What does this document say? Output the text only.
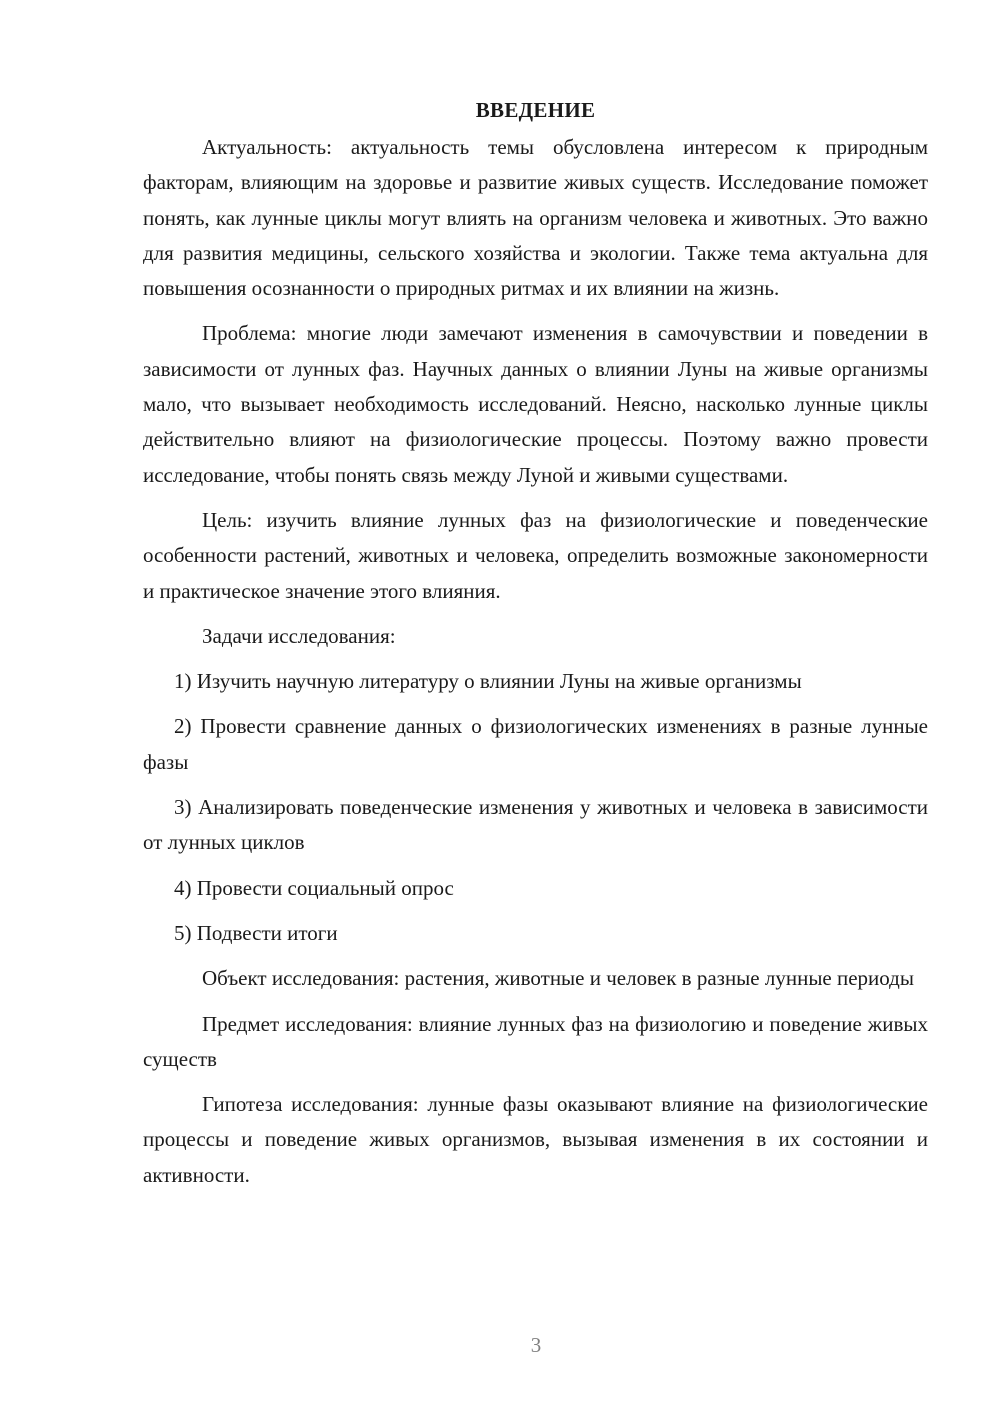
ВВЕДЕНИЕ

Актуальность: актуальность темы обусловлена интересом к природным факторам, влияющим на здоровье и развитие живых существ. Исследование поможет понять, как лунные циклы могут влиять на организм человека и животных. Это важно для развития медицины, сельского хозяйства и экологии. Также тема актуальна для повышения осознанности о природных ритмах и их влиянии на жизнь.

Проблема: многие люди замечают изменения в самочувствии и поведении в зависимости от лунных фаз. Научных данных о влиянии Луны на живые организмы мало, что вызывает необходимость исследований. Неясно, насколько лунные циклы действительно влияют на физиологические процессы. Поэтому важно провести исследование, чтобы понять связь между Луной и живыми существами.

Цель: изучить влияние лунных фаз на физиологические и поведенческие особенности растений, животных и человека, определить возможные закономерности и практическое значение этого влияния.

Задачи исследования:

1) Изучить научную литературу о влиянии Луны на живые организмы

2) Провести сравнение данных о физиологических изменениях в разные лунные фазы

3) Анализировать поведенческие изменения у животных и человека в зависимости от лунных циклов

4) Провести социальный опрос

5) Подвести итоги

Объект исследования: растения, животные и человек в разные лунные периоды

Предмет исследования: влияние лунных фаз на физиологию и поведение живых существ

Гипотеза исследования: лунные фазы оказывают влияние на физиологические процессы и поведение живых организмов, вызывая изменения в их состоянии и активности.

3
